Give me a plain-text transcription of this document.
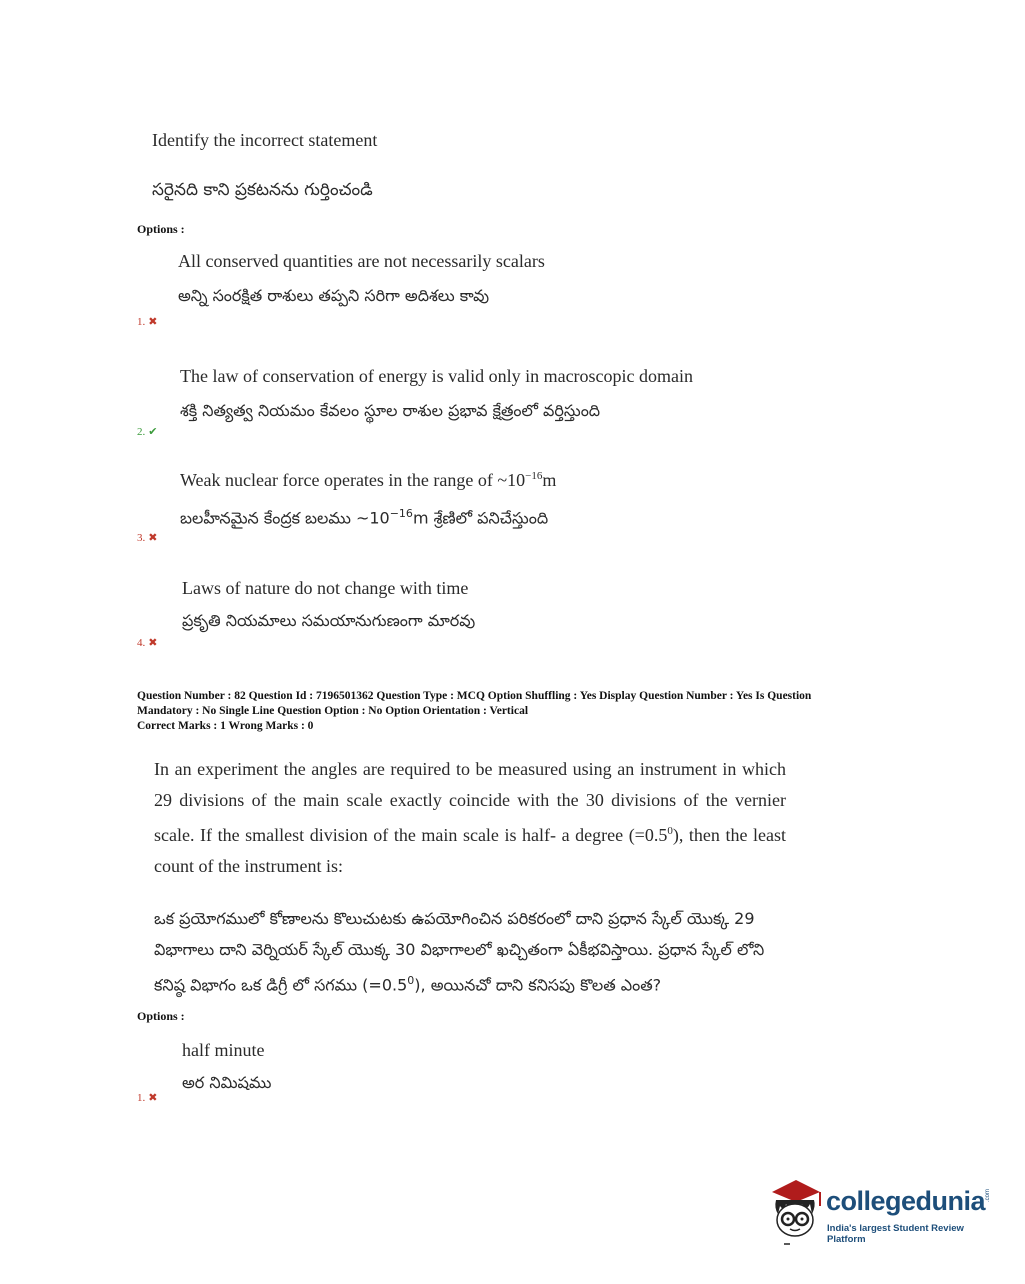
Identify the incorrect statement
సరైనది కాని ప్రకటనను గుర్తించండి
Options :
All conserved quantities are not necessarily scalars
అన్ని సంరక్షిత రాశులు తప్పని సరిగా అదిశలు కావు
1. ✖
The law of conservation of energy is valid only in macroscopic domain
శక్తి నిత్యత్వ నియమం కేవలం స్థూల రాశుల ప్రభావ క్షేత్రంలో వర్తిస్తుంది
2. ✔
Weak nuclear force operates in the range of $\sim 10^{-16}m$
బలహీనమైన కేంద్రక బలము $\sim 10^{-16}m$ శ్రేణిలో పనిచేస్తుంది
3. ✖
Laws of nature do not change with time
ప్రకృతి నియమాలు సమయానుగుణంగా మారవు
4. ✖
Question Number : 82 Question Id : 7196501362 Question Type : MCQ Option Shuffling : Yes Display Question Number : Yes Is Question Mandatory : No Single Line Question Option : No Option Orientation : Vertical
Correct Marks : 1 Wrong Marks : 0
In an experiment the angles are required to be measured using an instrument in which 29 divisions of the main scale exactly coincide with the 30 divisions of the vernier scale. If the smallest division of the main scale is half- a degree $(=0.5^0)$, then the least count of the instrument is:
ఒక ప్రయోగములో కోణాలను కొలుచుటకు ఉపయోగించిన పరికరంలో దాని ప్రధాన స్కేల్ యొక్క 29 విభాగాలు దాని వెర్నియర్ స్కేల్ యొక్క 30 విభాగాలలో ఖచ్చితంగా ఏకీభవిస్తాయి. ప్రధాన స్కేల్ లోని కనిష్ఠ విభాగం ఒక డిగ్రీ లో సగము $(=0.5^0)$, అయినచో దాని కనిసపు కొలత ఎంత?
Options :
half minute
అర నిమిషము
1. ✖
collegedunia .com
India's largest Student Review Platform
